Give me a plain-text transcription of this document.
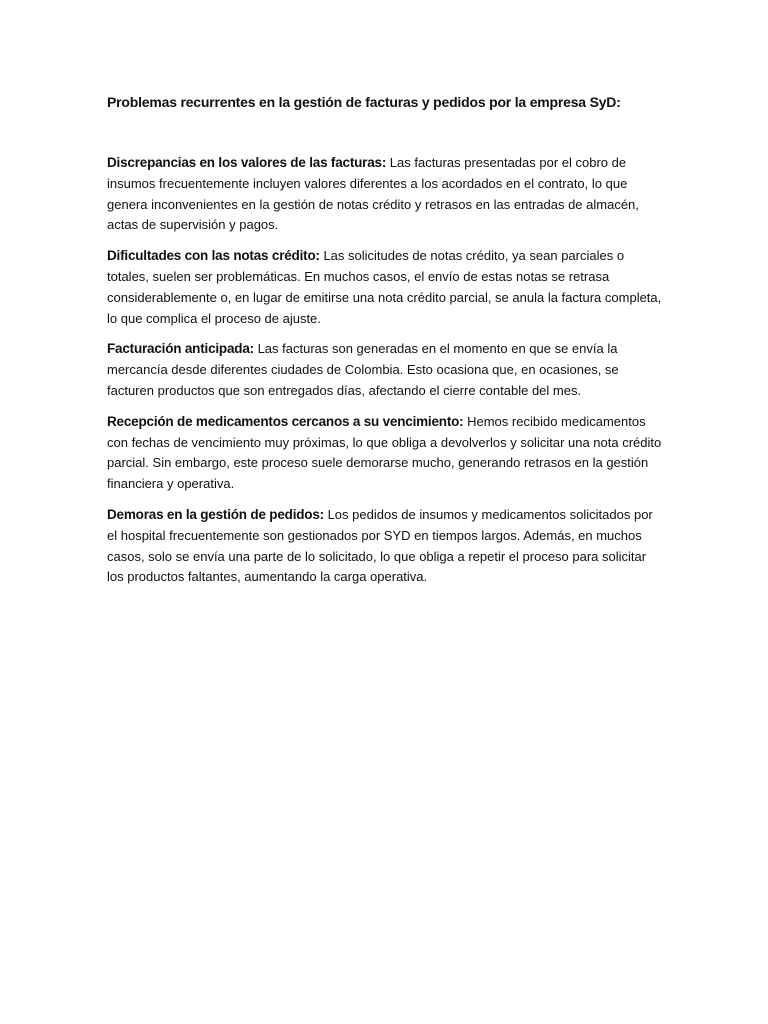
Problemas recurrentes en la gestión de facturas y pedidos por la empresa SyD:

Discrepancias en los valores de las facturas: Las facturas presentadas por el cobro de insumos frecuentemente incluyen valores diferentes a los acordados en el contrato, lo que genera inconvenientes en la gestión de notas crédito y retrasos en las entradas de almacén, actas de supervisión y pagos.

Dificultades con las notas crédito: Las solicitudes de notas crédito, ya sean parciales o totales, suelen ser problemáticas. En muchos casos, el envío de estas notas se retrasa considerablemente o, en lugar de emitirse una nota crédito parcial, se anula la factura completa, lo que complica el proceso de ajuste.

Facturación anticipada: Las facturas son generadas en el momento en que se envía la mercancía desde diferentes ciudades de Colombia. Esto ocasiona que, en ocasiones, se facturen productos que son entregados días, afectando el cierre contable del mes.

Recepción de medicamentos cercanos a su vencimiento: Hemos recibido medicamentos con fechas de vencimiento muy próximas, lo que obliga a devolverlos y solicitar una nota crédito parcial. Sin embargo, este proceso suele demorarse mucho, generando retrasos en la gestión financiera y operativa.

Demoras en la gestión de pedidos: Los pedidos de insumos y medicamentos solicitados por el hospital frecuentemente son gestionados por SYD en tiempos largos. Además, en muchos casos, solo se envía una parte de lo solicitado, lo que obliga a repetir el proceso para solicitar los productos faltantes, aumentando la carga operativa.
